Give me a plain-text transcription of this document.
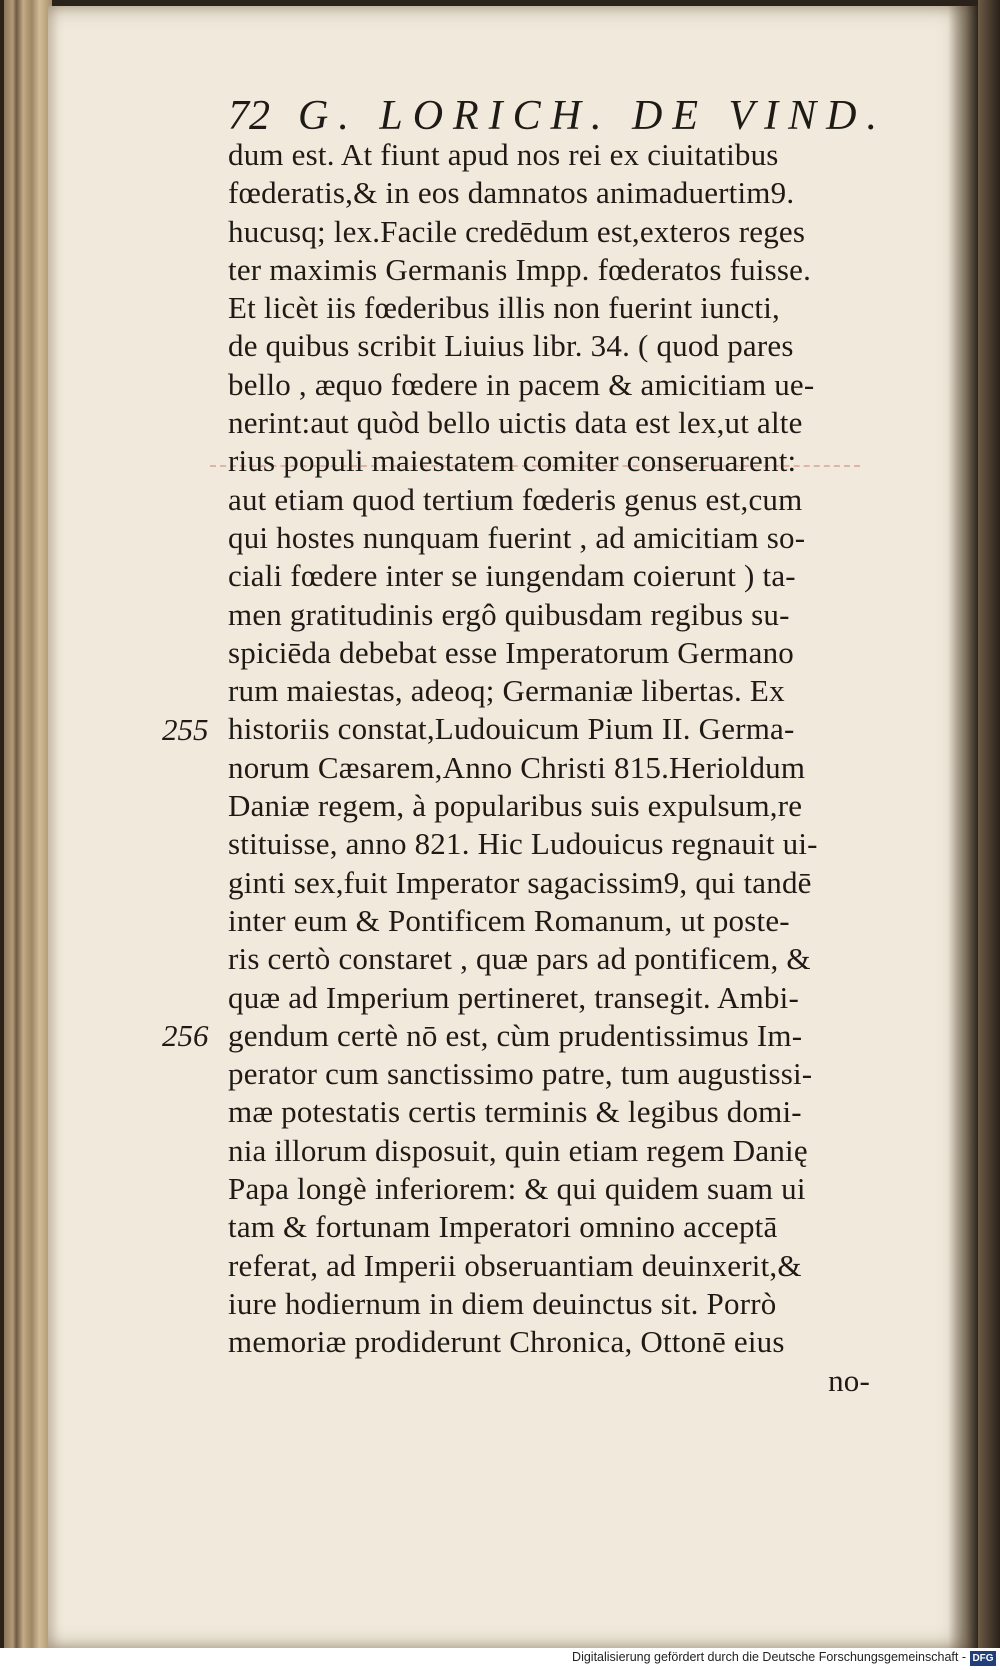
72 G. LORICH. DE VIND.
dum est. At fiunt apud nos rei ex ciuitatibus
fœderatis,& in eos damnatos animaduertim9.
hucusq; lex.Facile credēdum est,exteros reges
ter maximis Germanis Impp. fœderatos fuisse.
Et licèt iis fœderibus illis non fuerint iuncti,
de quibus scribit Liuius libr. 34. ( quod pares
bello , æquo fœdere in pacem & amicitiam ue-
nerint:aut quòd bello uictis data est lex,ut alte
rius populi maiestatem comiter conseruarent:
aut etiam quod tertium fœderis genus est,cum
qui hostes nunquam fuerint , ad amicitiam so-
ciali fœdere inter se iungendam coierunt ) ta-
men gratitudinis ergô quibusdam regibus su-
spiciēda debebat esse Imperatorum Germano
rum maiestas, adeoq; Germaniæ libertas. Ex
historiis constat,Ludouicum Pium II. Germa-
norum Cæsarem,Anno Christi 815.Herioldum
Daniæ regem, à popularibus suis expulsum,re
stituisse, anno 821. Hic Ludouicus regnauit ui-
ginti sex,fuit Imperator sagacissim9, qui tandē
inter eum & Pontificem Romanum, ut poste-
ris certò constaret , quæ pars ad pontificem, &
quæ ad Imperium pertineret, transegit. Ambi-
gendum certè nō est, cùm prudentissimus Im-
perator cum sanctissimo patre, tum augustissi-
mæ potestatis certis terminis & legibus domi-
nia illorum disposuit, quin etiam regem Danię
Papa longè inferiorem: & qui quidem suam ui
tam & fortunam Imperatori omnino acceptā
referat, ad Imperii obseruantiam deuinxerit,&
iure hodiernum in diem deuinctus sit. Porrò
memoriæ prodiderunt Chronica, Ottonē eius
no-
255
256
Digitalisierung gefördert durch die Deutsche Forschungsgemeinschaft - DFG
